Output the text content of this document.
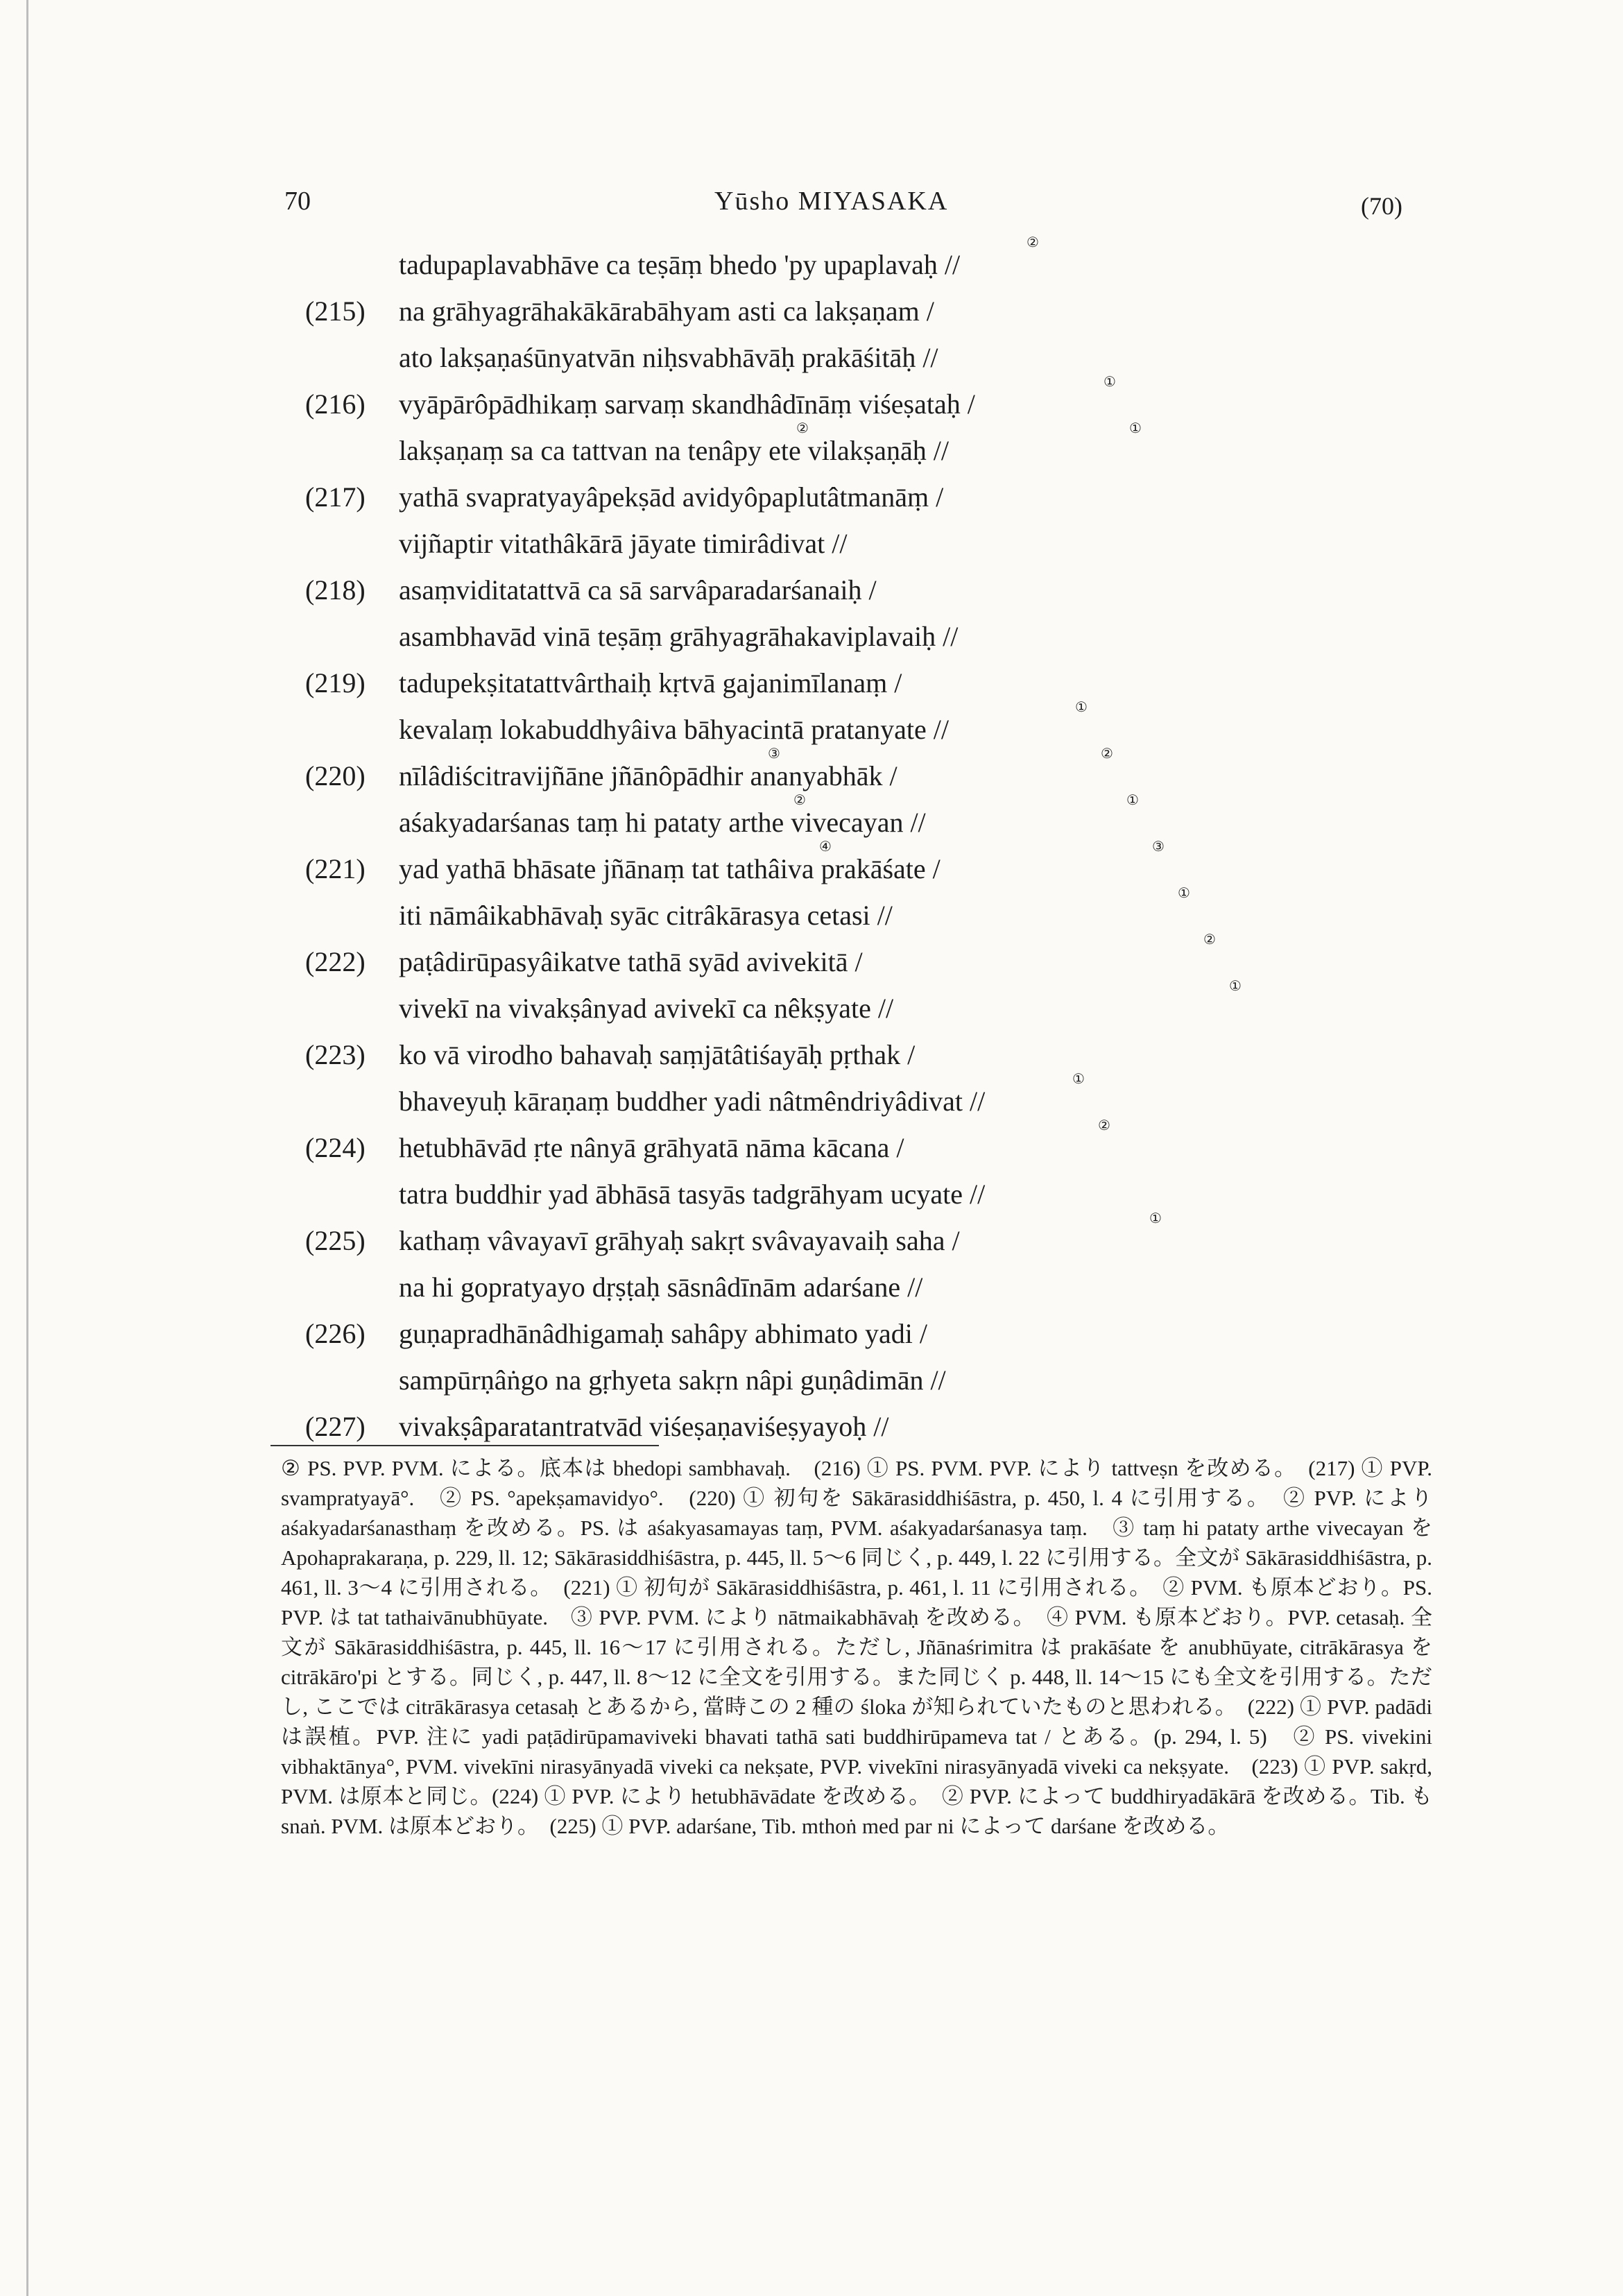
70	Yūsho MIYASAKA	(70)
tadupaplavabhāve ca teṣāṃ bhedo 'py upaplavaḥ //
②
(215)	na grāhyagrāhakākārabāhyam asti ca lakṣaṇam /
ato lakṣaṇaśūnyatvān niḥsvabhāvāḥ prakāśitāḥ //
(216)	vyāpārôpādhikaṃ sarvaṃ skandhâdīnāṃ viśeṣataḥ /
①
lakṣaṇaṃ sa ca tattvan na tenâpy ete vilakṣaṇāḥ //
①
②
(217)	yathā svapratyayâpekṣād avidyôpaplutâtmanāṃ /
vijñaptir vitathâkārā jāyate timirâdivat //
(218)	asaṃviditatattvā ca sā sarvâparadarśanaiḥ /
asambhavād vinā teṣāṃ grāhyagrāhakaviplavaiḥ //
(219)	tadupekṣitatattvârthaiḥ kṛtvā gajanimīlanaṃ /
kevalaṃ lokabuddhyâiva bāhyacintā pratanyate //
①
(220)	nīlâdiścitravijñāne jñānôpādhir ananyabhāk /
②
③
aśakyadarśanas taṃ hi pataty arthe vivecayan //
①
②
(221)	yad yathā bhāsate jñānaṃ tat tathâiva prakāśate /
③
④
iti nāmâikabhāvaḥ syāc citrâkārasya cetasi //
①
(222)	paṭâdirūpasyâikatve tathā syād avivekitā /
②
vivekī na vivakṣânyad avivekī ca nêkṣyate //
①
(223)	ko vā virodho bahavaḥ saṃjātâtiśayāḥ pṛthak /
bhaveyuḥ kāraṇaṃ buddher yadi nâtmêndriyâdivat //
①
(224)	hetubhāvād ṛte nânyā grāhyatā nāma kācana /
②
tatra buddhir yad ābhāsā tasyās tadgrāhyam ucyate //
(225)	kathaṃ vâvayavī grāhyaḥ sakṛt svâvayavaiḥ saha /
①
na hi gopratyayo dṛṣṭaḥ sāsnâdīnām adarśane //
(226)	guṇapradhānâdhigamaḥ sahâpy abhimato yadi /
sampūrṇâṅgo na gṛhyeta sakṛn nâpi guṇâdimān //
(227)	vivakṣâparatantratvād viśeṣaṇaviśeṣyayoḥ //

② PS. PVP. PVM. による。底本は bhedopi sambhavaḥ.　(216) ① PS. PVM. PVP. により tattveṣn を改める。　(217) ① PVP. svampratyayā°.　② PS. °apekṣamavidyo°.　(220) ① 初句を Sākārasiddhiśāstra, p. 450, l. 4 に引用する。　② PVP. により aśakyadarśanasthaṃ を改める。PS. は aśakyasamayas taṃ, PVM. aśakyadarśanasya taṃ.　③ taṃ hi pataty arthe vivecayan を Apohaprakaraṇa, p. 229, ll. 12; Sākārasiddhiśāstra, p. 445, ll. 5～6 同じく, p. 449, l. 22 に引用する。全文が Sākārasiddhiśāstra, p. 461, ll. 3～4 に引用される。　(221) ① 初句が Sākārasiddhiśāstra, p. 461, l. 11 に引用される。　② PVM. も原本どおり。PS. PVP. は tat tathaivānubhūyate.　③ PVP. PVM. により nātmaikabhāvaḥ を改める。　④ PVM. も原本どおり。PVP. cetasaḥ. 全文が Sākārasiddhiśāstra, p. 445, ll. 16～17 に引用される。ただし, Jñānaśrimitra は prakāśate を anubhūyate, citrākārasya を citrākāro'pi とする。同じく, p. 447, ll. 8～12 に全文を引用する。また同じく p. 448, ll. 14～15 にも全文を引用する。ただし, ここでは citrākārasya cetasaḥ とあるから, 當時この 2 種の śloka が知られていたものと思われる。　(222) ① PVP. padādi は誤植。PVP. 注に yadi paṭādirūpamaviveki bhavati tathā sati buddhirūpameva tat / とある。(p. 294, l. 5)　② PS. vivekini vibhaktānya°, PVM. vivekīni nirasyānyadā viveki ca nekṣate, PVP. vivekīni nirasyānyadā viveki ca nekṣyate.　(223) ① PVP. sakṛd, PVM. は原本と同じ。(224) ① PVP. により hetubhāvādate を改める。　② PVP. によって buddhiryadākārā を改める。Tib. も snaṅ. PVM. は原本どおり。　(225) ① PVP. adarśane, Tib. mthoṅ med par ni によって darśane を改める。
